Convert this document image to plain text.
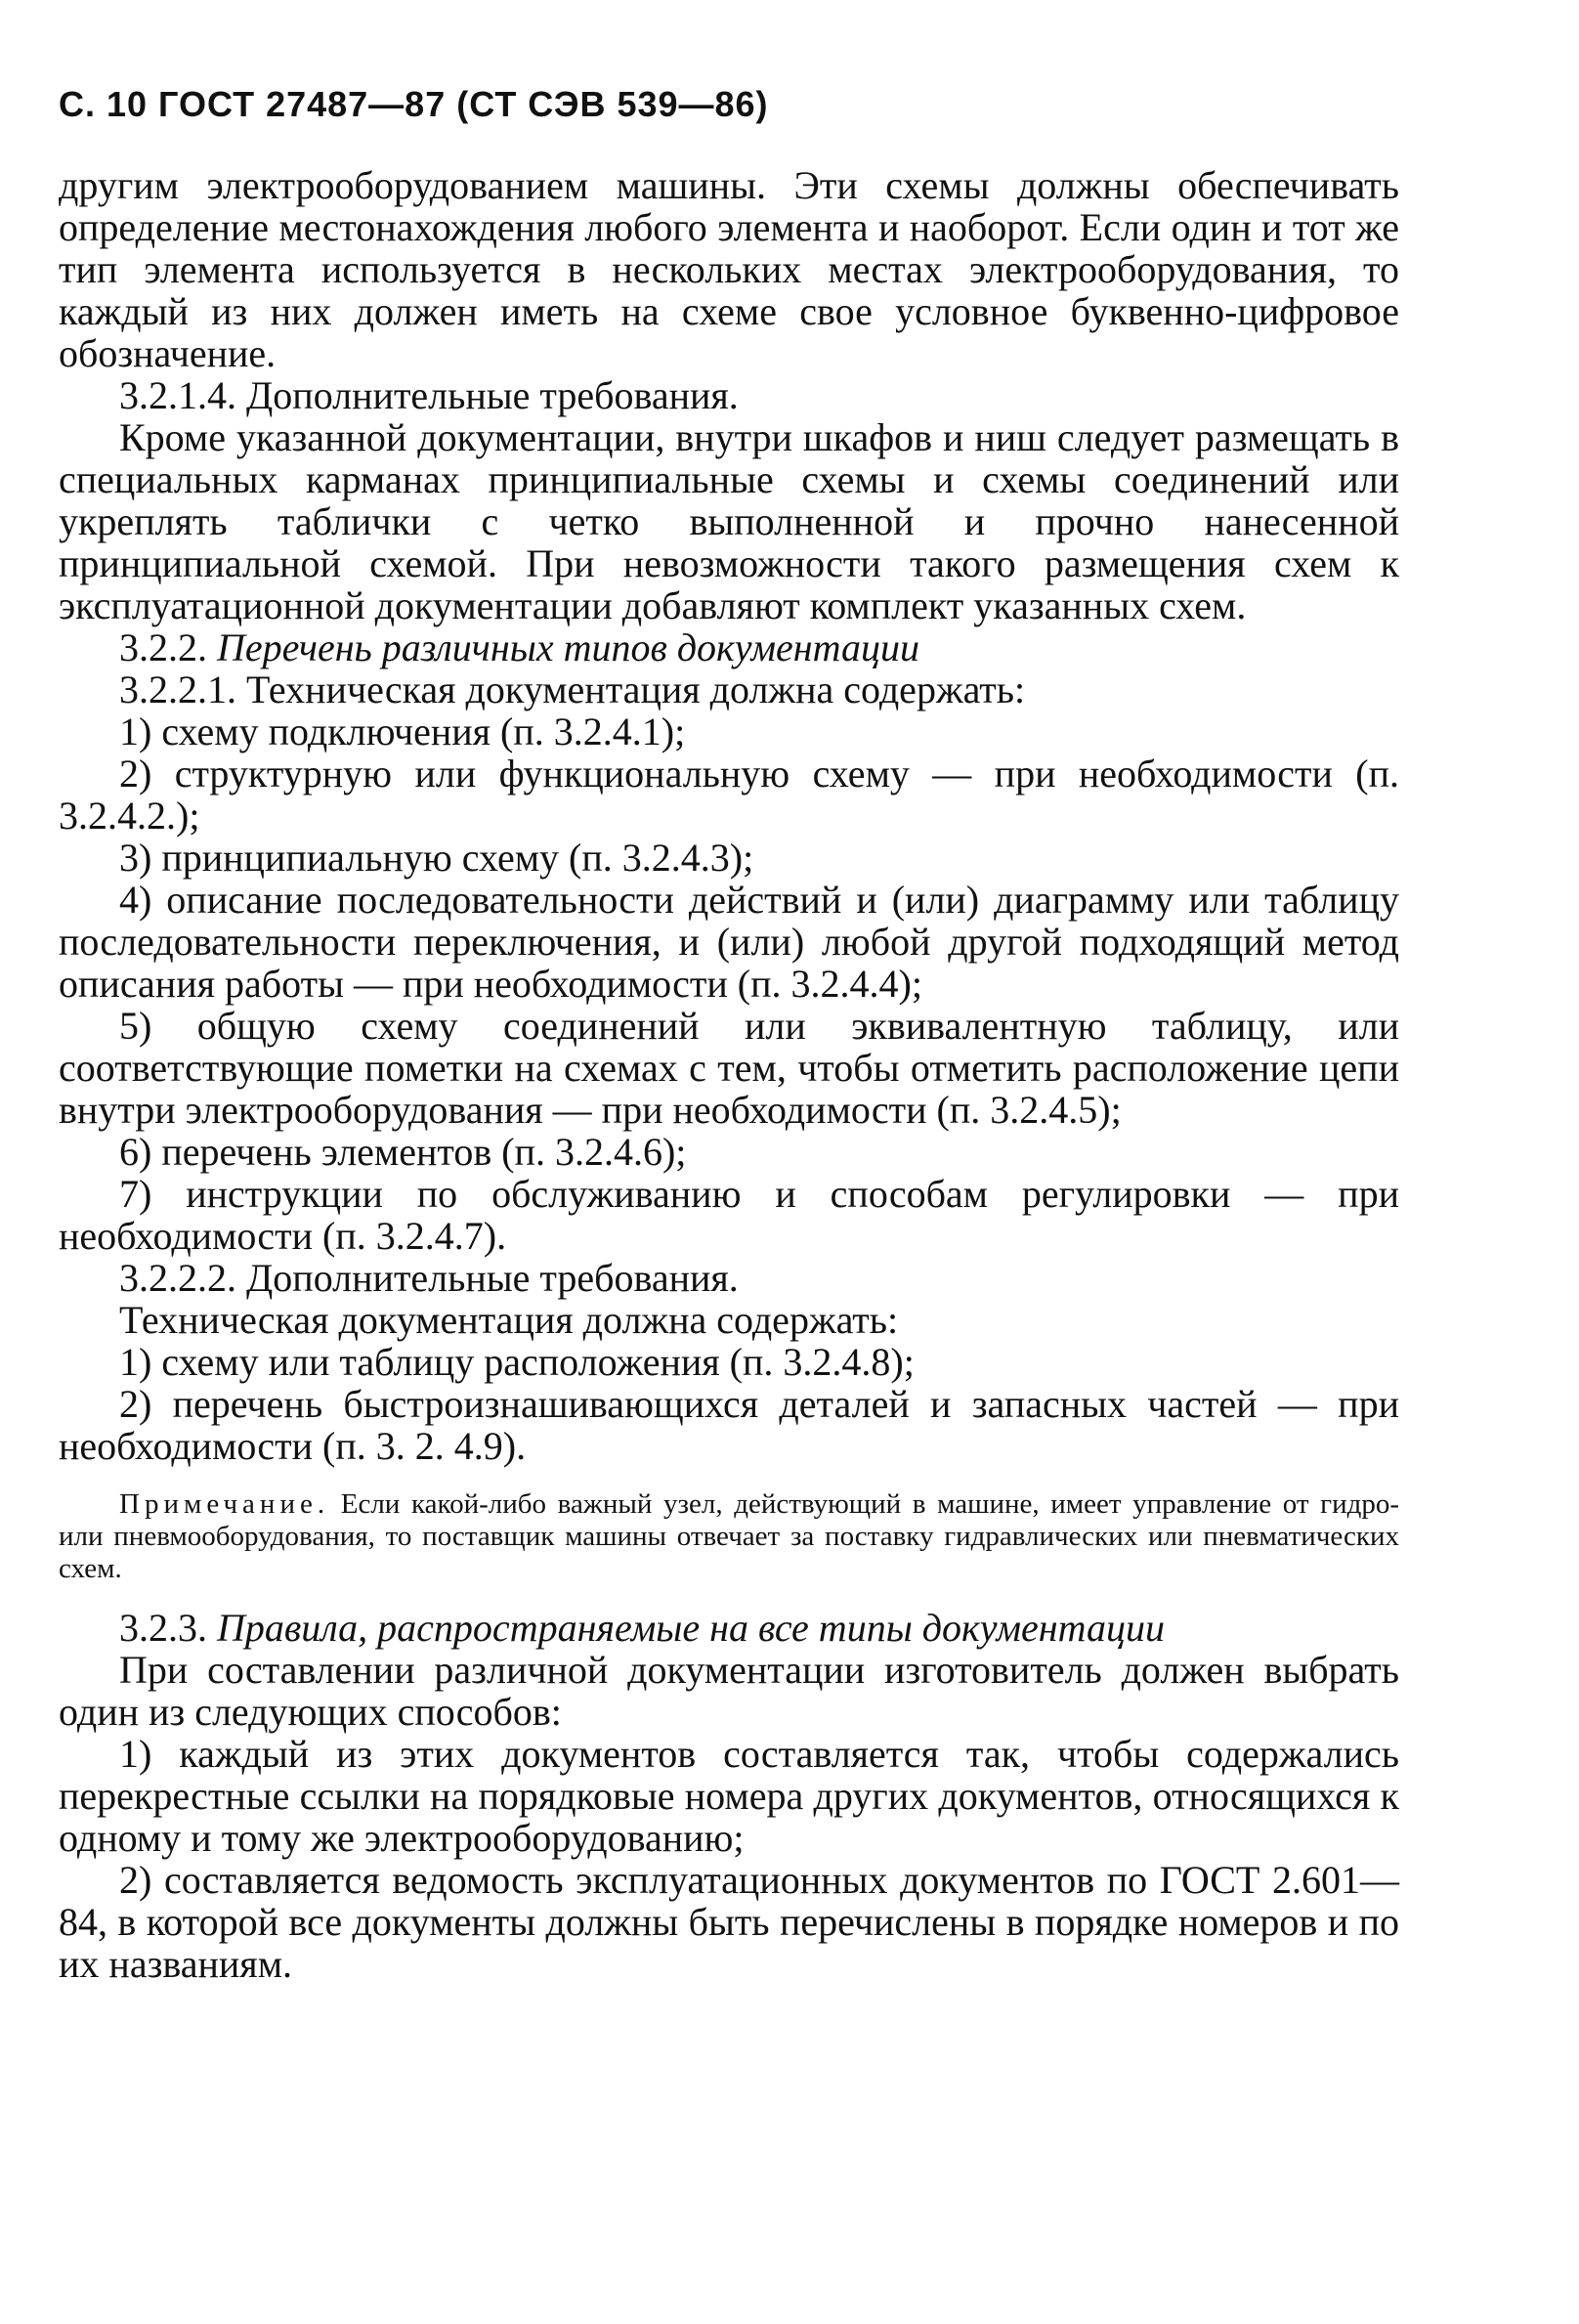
С. 10 ГОСТ 27487—87 (СТ СЭВ 539—86)

другим электрооборудованием машины. Эти схемы должны обеспечивать определение местонахождения любого элемента и наоборот. Если один и тот же тип элемента используется в нескольких местах электрооборудования, то каждый из них должен иметь на схеме свое условное буквенно-цифровое обозначение.

3.2.1.4. Дополнительные требования.

Кроме указанной документации, внутри шкафов и ниш следует размещать в специальных карманах принципиальные схемы и схемы соединений или укреплять таблички с четко выполненной и прочно нанесенной принципиальной схемой. При невозможности такого размещения схем к эксплуатационной документации добавляют комплект указанных схем.

3.2.2. Перечень различных типов документации

3.2.2.1. Техническая документация должна содержать:

1) схему подключения (п. 3.2.4.1);

2) структурную или функциональную схему — при необходимости (п. 3.2.4.2.);

3) принципиальную схему (п. 3.2.4.3);

4) описание последовательности действий и (или) диаграмму или таблицу последовательности переключения, и (или) любой другой подходящий метод описания работы — при необходимости (п. 3.2.4.4);

5) общую схему соединений или эквивалентную таблицу, или соответствующие пометки на схемах с тем, чтобы отметить расположение цепи внутри электрооборудования — при необходимости (п. 3.2.4.5);

6) перечень элементов (п. 3.2.4.6);

7) инструкции по обслуживанию и способам регулировки — при необходимости (п. 3.2.4.7).

3.2.2.2. Дополнительные требования.

Техническая документация должна содержать:

1) схему или таблицу расположения (п. 3.2.4.8);

2) перечень быстроизнашивающихся деталей и запасных частей — при необходимости (п. 3. 2. 4.9).

Примечание. Если какой-либо важный узел, действующий в машине, имеет управление от гидро- или пневмооборудования, то поставщик машины отвечает за поставку гидравлических или пневматических схем.

3.2.3. Правила, распространяемые на все типы документации

При составлении различной документации изготовитель должен выбрать один из следующих способов:

1) каждый из этих документов составляется так, чтобы содержались перекрестные ссылки на порядковые номера других документов, относящихся к одному и тому же электрооборудованию;

2) составляется ведомость эксплуатационных документов по ГОСТ 2.601—84, в которой все документы должны быть перечислены в порядке номеров и по их названиям.
